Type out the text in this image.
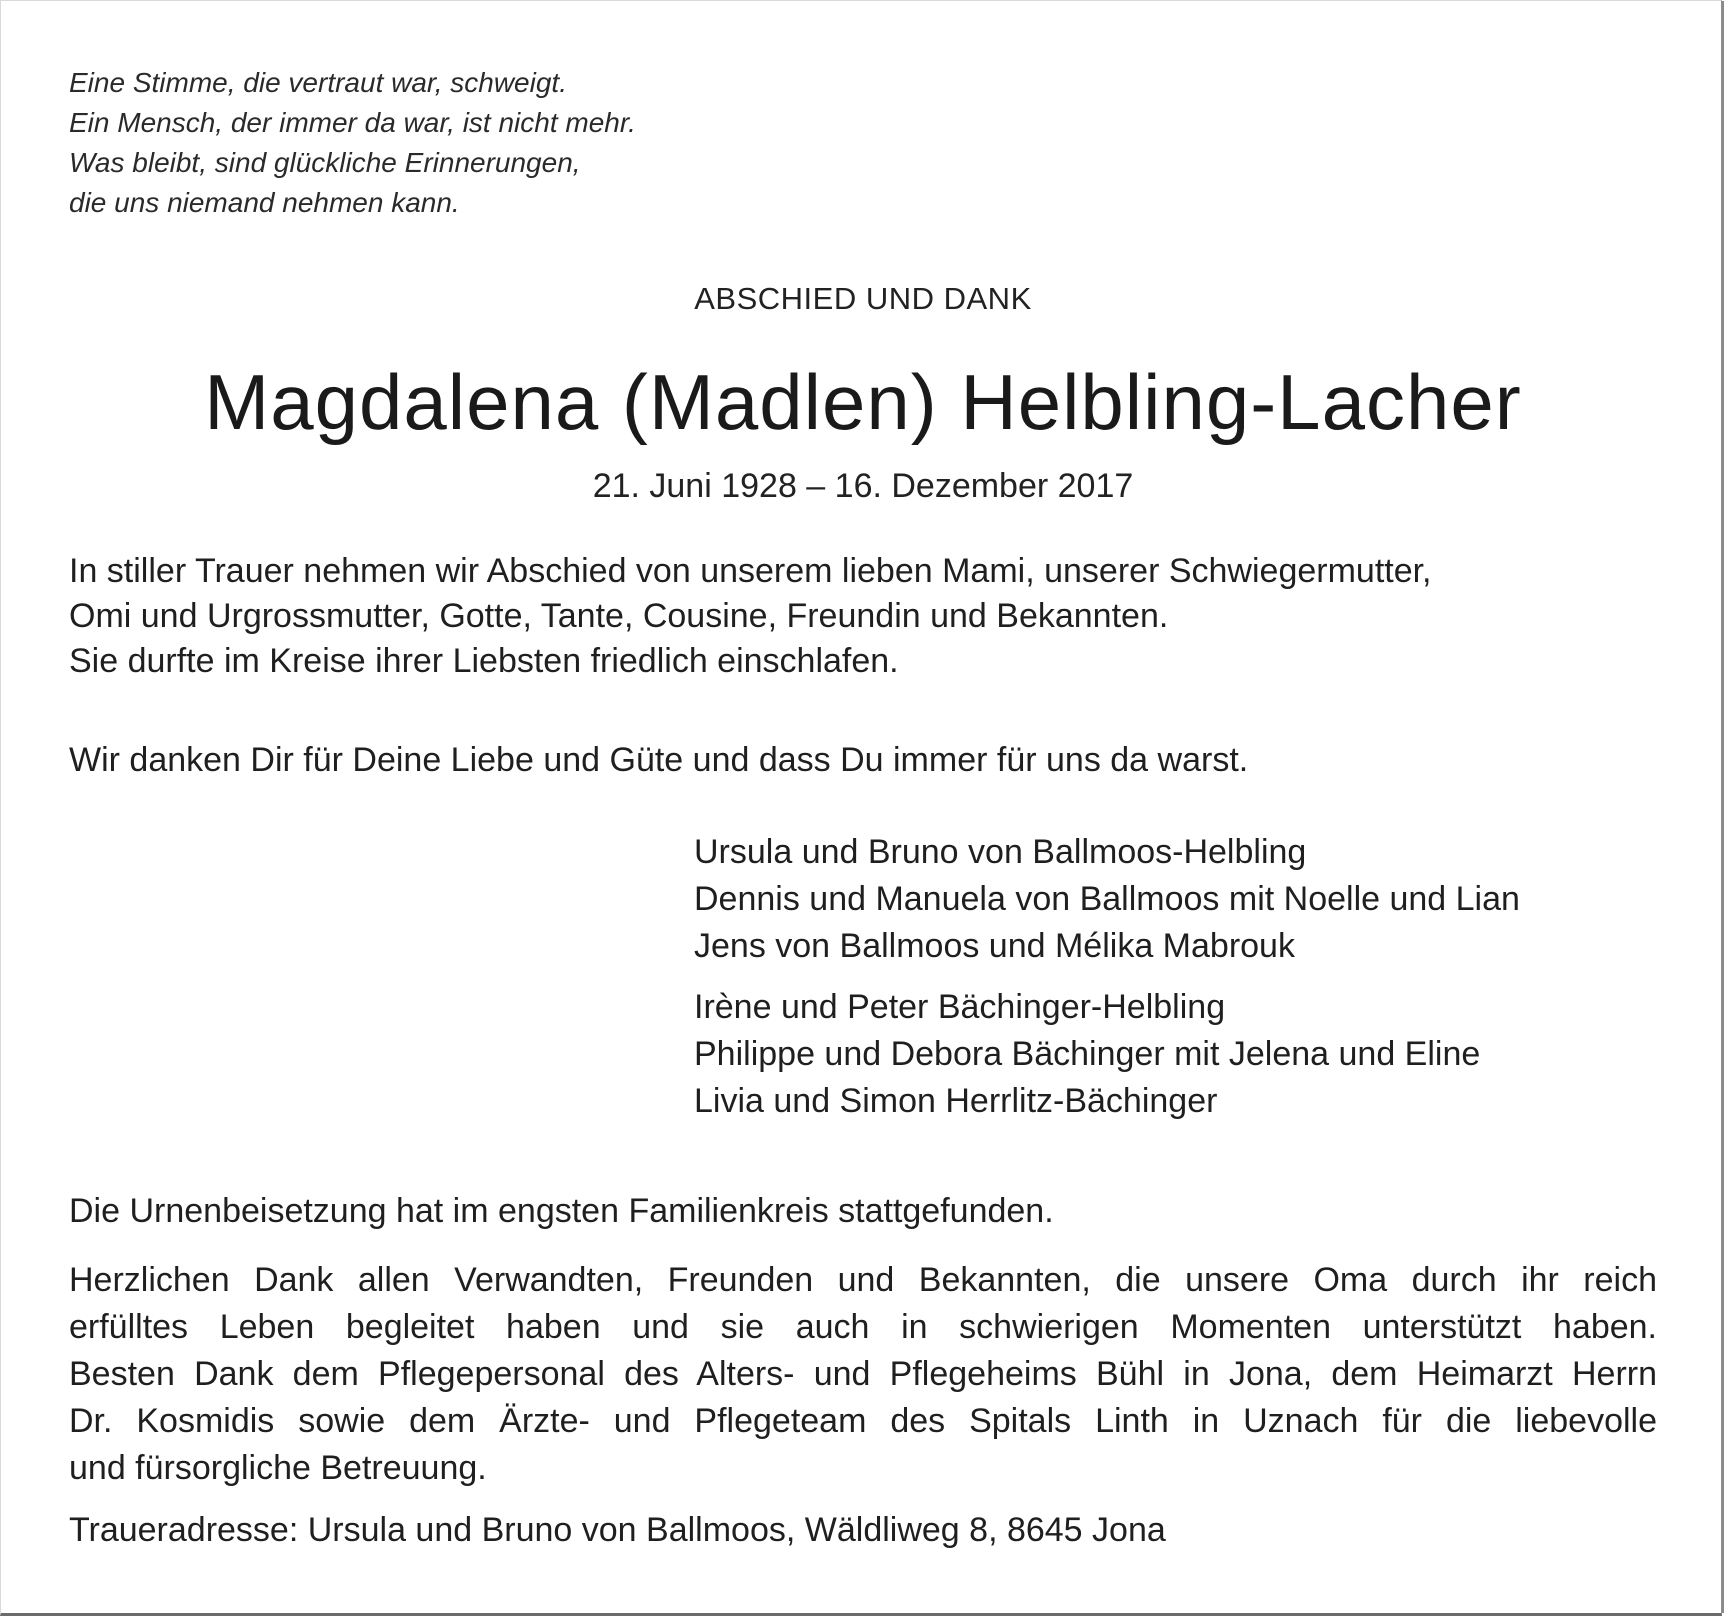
Eine Stimme, die vertraut war, schweigt.
Ein Mensch, der immer da war, ist nicht mehr.
Was bleibt, sind glückliche Erinnerungen,
die uns niemand nehmen kann.
ABSCHIED UND DANK
Magdalena (Madlen) Helbling-Lacher
21. Juni 1928 – 16. Dezember 2017
In stiller Trauer nehmen wir Abschied von unserem lieben Mami, unserer Schwiegermutter,
Omi und Urgrossmutter, Gotte, Tante, Cousine, Freundin und Bekannten.
Sie durfte im Kreise ihrer Liebsten friedlich einschlafen.
Wir danken Dir für Deine Liebe und Güte und dass Du immer für uns da warst.
Ursula und Bruno von Ballmoos-Helbling
Dennis und Manuela von Ballmoos mit Noelle und Lian
Jens von Ballmoos und Mélika Mabrouk
Irène und Peter Bächinger-Helbling
Philippe und Debora Bächinger mit Jelena und Eline
Livia und Simon Herrlitz-Bächinger
Die Urnenbeisetzung hat im engsten Familienkreis stattgefunden.
Herzlichen Dank allen Verwandten, Freunden und Bekannten, die unsere Oma durch ihr reich
erfülltes Leben begleitet haben und sie auch in schwierigen Momenten unterstützt haben.
Besten Dank dem Pflegepersonal des Alters- und Pflegeheims Bühl in Jona, dem Heimarzt Herrn
Dr. Kosmidis sowie dem Ärzte- und Pflegeteam des Spitals Linth in Uznach für die liebevolle
und fürsorgliche Betreuung.
Traueradresse: Ursula und Bruno von Ballmoos, Wäldliweg 8, 8645 Jona
